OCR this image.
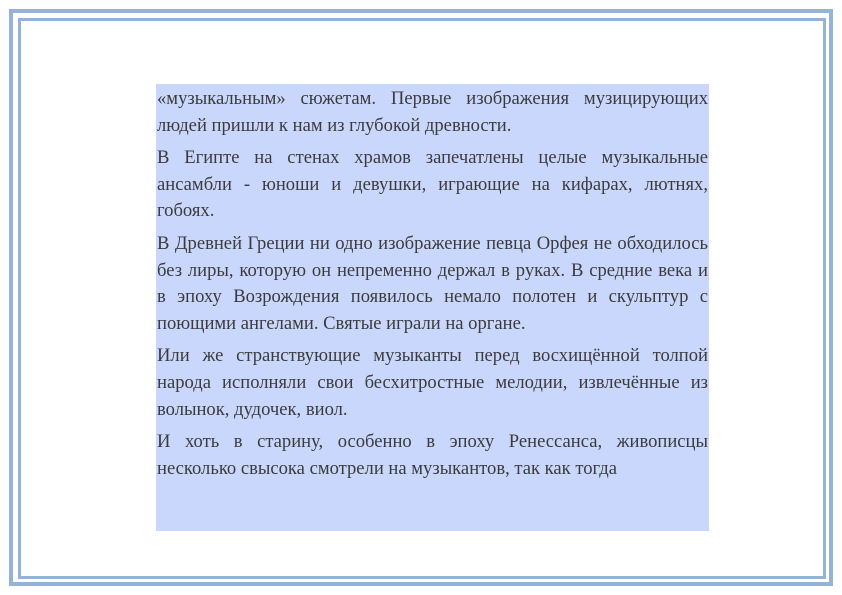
«музыкальным» сюжетам. Первые изображения музицирующих людей пришли к нам из глубокой древности.

В Египте на стенах храмов запечатлены целые музыкальные ансамбли - юноши и девушки, играющие на кифарах, лютнях, гобоях.

В Древней Греции ни одно изображение певца Орфея не обходилось без лиры, которую он непременно держал в руках. В средние века и в эпоху Возрождения появилось немало полотен и скульптур с поющими ангелами. Святые играли на органе.

Или же странствующие музыканты перед восхищённой толпой народа исполняли свои бесхитростные мелодии, извлечённые из волынок, дудочек, виол.

И хоть в старину, особенно в эпоху Ренессанса, живописцы несколько свысока смотрели на музыкантов, так как тогда
